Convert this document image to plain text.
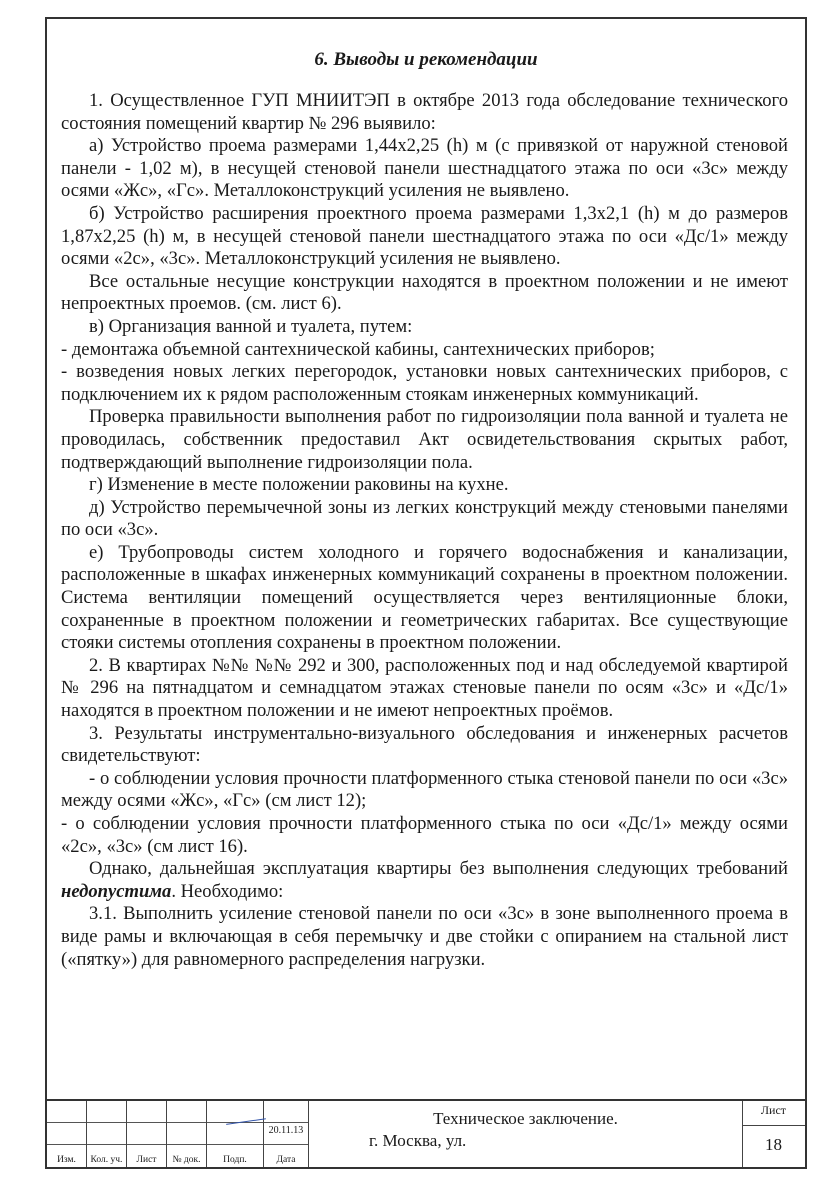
6. Выводы и рекомендации

1. Осуществленное ГУП МНИИТЭП в октябре 2013 года обследование технического состояния помещений квартир № 296 выявило:

а) Устройство проема размерами 1,44х2,25 (h) м (с привязкой от наружной стеновой панели - 1,02 м), в несущей стеновой панели шестнадцатого этажа по оси «3с» между осями «Жс», «Гс». Металлоконструкций усиления не выявлено.

б) Устройство расширения проектного проема размерами 1,3х2,1 (h) м до размеров 1,87х2,25 (h) м, в несущей стеновой панели шестнадцатого этажа по оси «Дс/1» между осями «2с», «3с». Металлоконструкций усиления не выявлено.

Все остальные несущие конструкции находятся в проектном положении и не имеют непроектных проемов. (см. лист 6).

в) Организация ванной и туалета, путем:

- демонтажа объемной сантехнической кабины, сантехнических приборов;

- возведения новых легких перегородок, установки новых сантехнических приборов, с подключением их к рядом расположенным стоякам инженерных коммуникаций.

Проверка правильности выполнения работ по гидроизоляции пола ванной и туалета не проводилась, собственник предоставил Акт освидетельствования скрытых работ, подтверждающий выполнение гидроизоляции пола.

г) Изменение в месте положении раковины на кухне.

д) Устройство перемычечной зоны из легких конструкций между стеновыми панелями по оси «3с».

е) Трубопроводы систем холодного и горячего водоснабжения и канализации, расположенные в шкафах инженерных коммуникаций сохранены в проектном положении. Система вентиляции помещений осуществляется через вентиляционные блоки, сохраненные в проектном положении и геометрических габаритах. Все существующие стояки системы отопления сохранены в проектном положении.

2. В квартирах №№ №№ 292 и 300, расположенных под и над обследуемой квартирой № 296 на пятнадцатом и семнадцатом этажах стеновые панели по осям «3с» и «Дс/1» находятся в проектном положении и не имеют непроектных проёмов.

3. Результаты инструментально-визуального обследования и инженерных расчетов свидетельствуют:

- о соблюдении условия прочности платформенного стыка стеновой панели по оси «3с» между осями «Жс», «Гс» (см лист 12);

- о соблюдении условия прочности платформенного стыка по оси «Дс/1» между осями «2с», «3с» (см лист 16).

Однако, дальнейшая эксплуатация квартиры без выполнения следующих требований недопустима. Необходимо:

3.1. Выполнить усиление стеновой панели по оси «3с» в зоне выполненного проема в виде рамы и включающая в себя перемычку и две стойки с опиранием на стальной лист («пятку») для равномерного распределения нагрузки.

Изм.	Кол. уч.	Лист	№ док.	Подп.
20.11.13
Дата
Техническое заключение.
г. Москва, ул.
Лист
18
